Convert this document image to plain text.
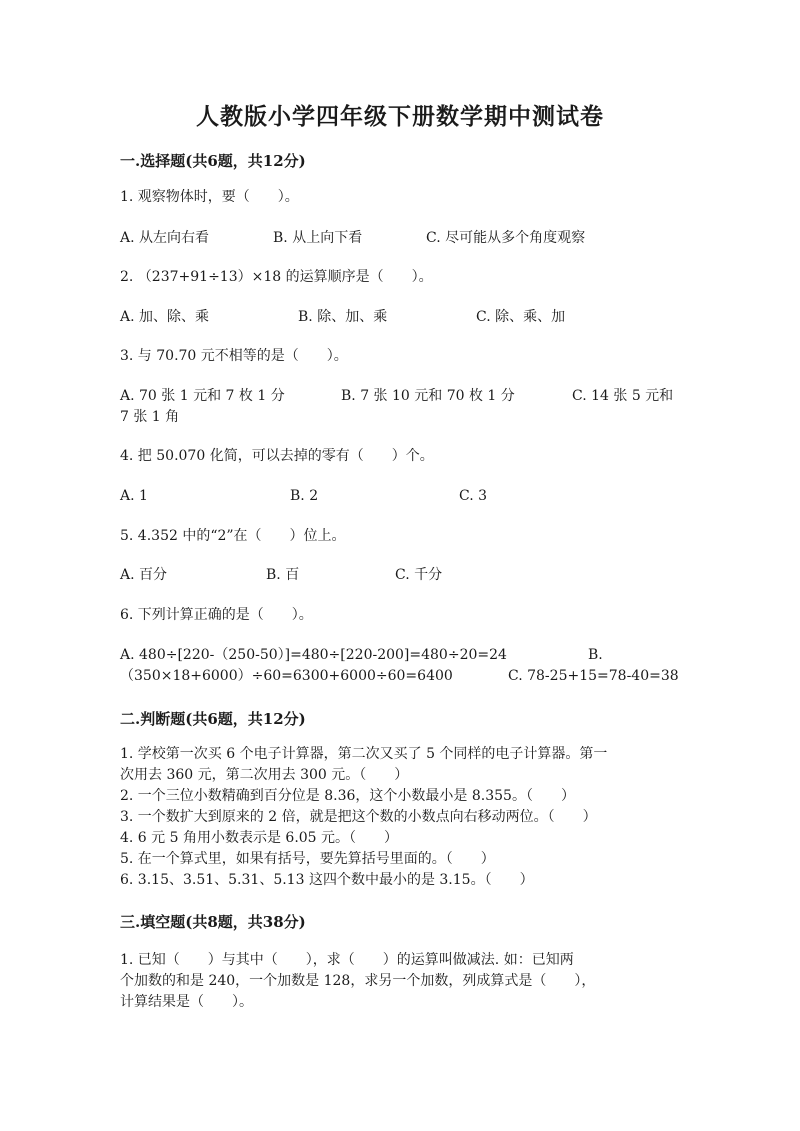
人教版小学四年级下册数学期中测试卷
一.选择题(共6题，共12分)
1. 观察物体时，要（　　）。
A. 从左向右看	B. 从上向下看	C. 尽可能从多个角度观察
2. （237+91÷13）×18 的运算顺序是（　　）。
A. 加、除、乘	B. 除、加、乘	C. 除、乘、加
3. 与 70.70 元不相等的是（　　）。
A. 70 张 1 元和 7 枚 1 分	B. 7 张 10 元和 70 枚 1 分	C. 14 张 5 元和
7 张 1 角
4. 把 50.070 化简，可以去掉的零有（　　）个。
A. 1	B. 2	C. 3
5. 4.352 中的“2”在（　　）位上。
A. 百分	B. 百	C. 千分
6. 下列计算正确的是（　　）。
A. 480÷[220-（250-50）]=480÷[220-200]=480÷20=24	B.
（350×18+6000）÷60=6300+6000÷60=6400	C. 78-25+15=78-40=38
二.判断题(共6题，共12分)
1. 学校第一次买 6 个电子计算器，第二次又买了 5 个同样的电子计算器。第一
次用去 360 元，第二次用去 300 元。（　　）
2. 一个三位小数精确到百分位是 8.36，这个小数最小是 8.355。（　　）
3. 一个数扩大到原来的 2 倍，就是把这个数的小数点向右移动两位。（　　）
4. 6 元 5 角用小数表示是 6.05 元。（　　）
5. 在一个算式里，如果有括号，要先算括号里面的。（　　）
6. 3.15、3.51、5.31、5.13 这四个数中最小的是 3.15。（　　）
三.填空题(共8题，共38分)
1. 已知（　　）与其中（　　），求（　　）的运算叫做减法. 如：已知两
个加数的和是 240，一个加数是 128，求另一个加数，列成算式是（　　），
计算结果是（　　）。
